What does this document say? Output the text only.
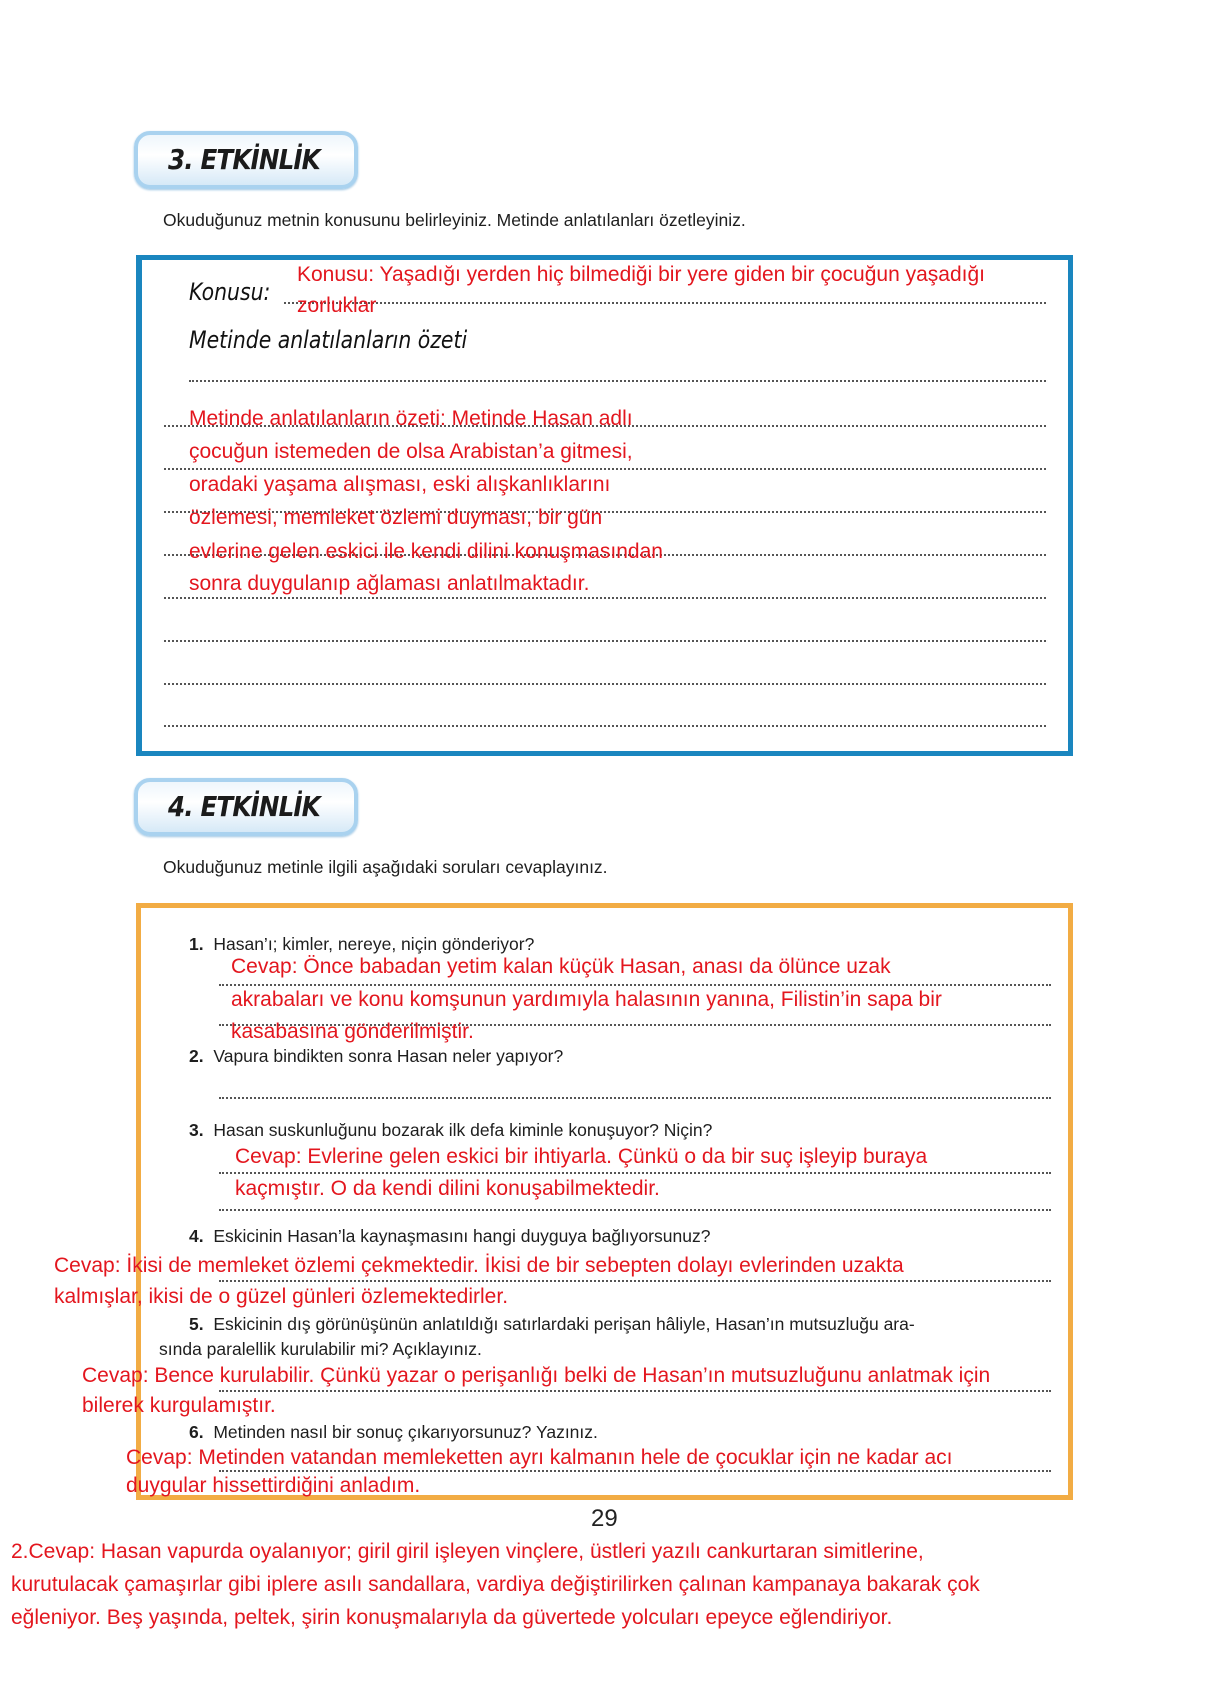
3. ETKİNLİK
Okuduğunuz metnin konusunu belirleyiniz. Metinde anlatılanları özetleyiniz.
Konusu:
Metinde anlatılanların özeti
Konusu: Yaşadığı yerden hiç bilmediği bir yere giden bir çocuğun yaşadığı
zorluklar
Metinde anlatılanların özeti: Metinde Hasan adlı
çocuğun istemeden de olsa Arabistan’a gitmesi,
oradaki yaşama alışması, eski alışkanlıklarını
özlemesi, memleket özlemi duyması, bir gün
evlerine gelen eskici ile kendi dilini konuşmasından
sonra duygulanıp ağlaması anlatılmaktadır.
4. ETKİNLİK
Okuduğunuz metinle ilgili aşağıdaki soruları cevaplayınız.
1. Hasan’ı; kimler, nereye, niçin gönderiyor?
2. Vapura bindikten sonra Hasan neler yapıyor?
3. Hasan suskunluğunu bozarak ilk defa kiminle konuşuyor? Niçin?
4. Eskicinin Hasan’la kaynaşmasını hangi duyguya bağlıyorsunuz?
5. Eskicinin dış görünüşünün anlatıldığı satırlardaki perişan hâliyle, Hasan’ın mutsuzluğu ara-
sında paralellik kurulabilir mi? Açıklayınız.
6. Metinden nasıl bir sonuç çıkarıyorsunuz? Yazınız.
Cevap: Önce babadan yetim kalan küçük Hasan, anası da ölünce uzak
akrabaları ve konu komşunun yardımıyla halasının yanına, Filistin’in sapa bir
kasabasına gönderilmiştir.
Cevap: Evlerine gelen eskici bir ihtiyarla. Çünkü o da bir suç işleyip buraya
kaçmıştır. O da kendi dilini konuşabilmektedir.
Cevap: İkisi de memleket özlemi çekmektedir. İkisi de bir sebepten dolayı evlerinden uzakta
kalmışlar, ikisi de o güzel günleri özlemektedirler.
Cevap: Bence kurulabilir. Çünkü yazar o perişanlığı belki de Hasan’ın mutsuzluğunu anlatmak için
bilerek kurgulamıştır.
Cevap: Metinden vatandan memleketten ayrı kalmanın hele de çocuklar için ne kadar acı
duygular hissettirdiğini anladım.
29
2.Cevap: Hasan vapurda oyalanıyor; giril giril işleyen vinçlere, üstleri yazılı cankurtaran simitlerine,
kurutulacak çamaşırlar gibi iplere asılı sandallara, vardiya değiştirilirken çalınan kampanaya bakarak çok
eğleniyor. Beş yaşında, peltek, şirin konuşmalarıyla da güvertede yolcuları epeyce eğlendiriyor.
